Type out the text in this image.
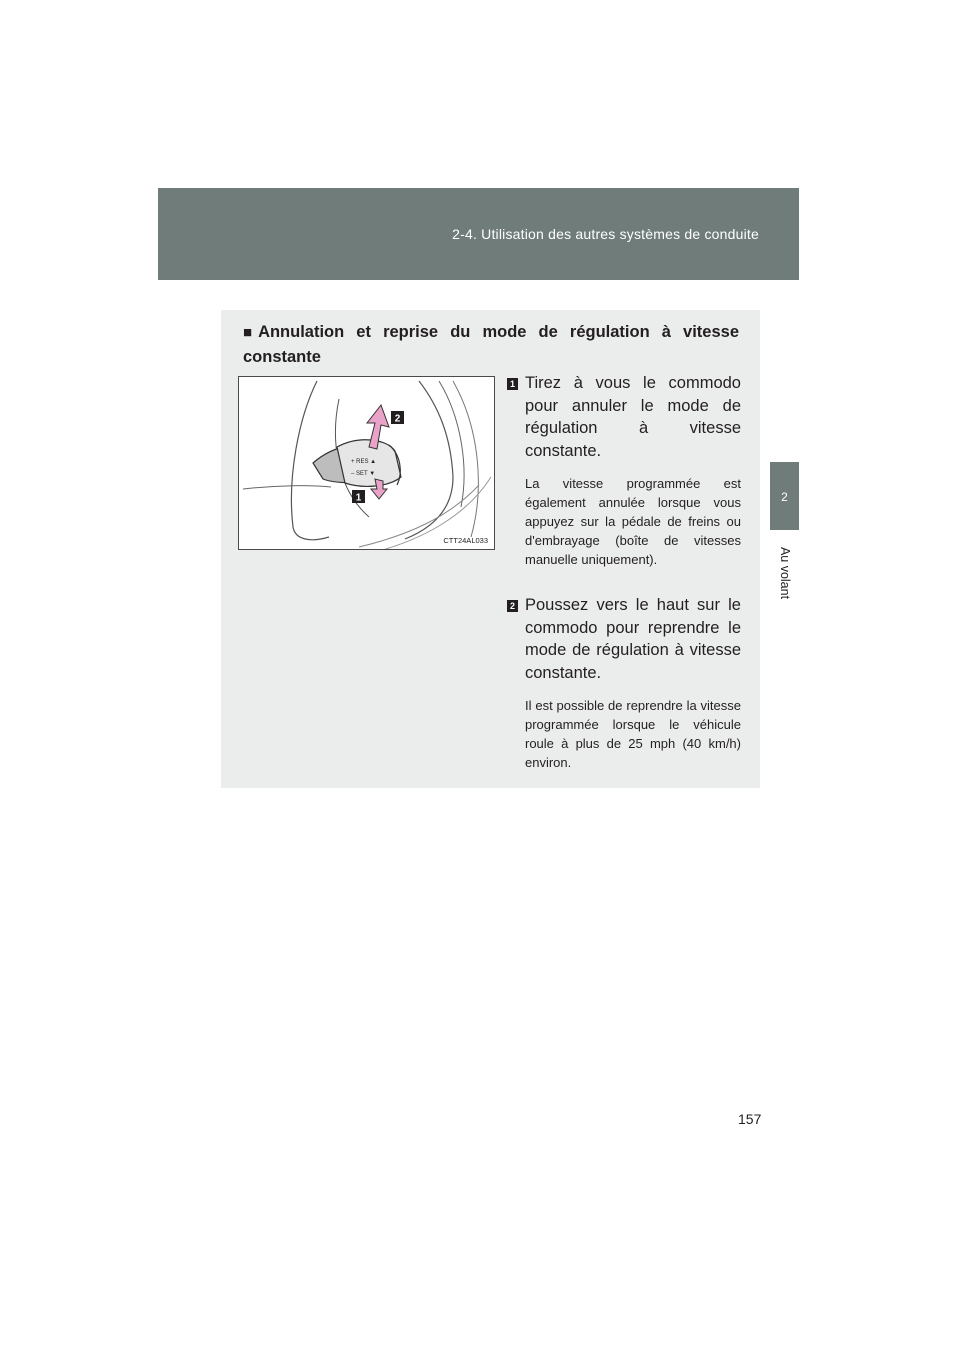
2-4. Utilisation des autres systèmes de conduite
2
Au volant
■ Annulation et reprise du mode de régulation à vitesse constante
+ RES ▲
– SET ▼
2
1
CTT24AL033
1 Tirez à vous le commodo pour annuler le mode de régulation à vitesse constante.
La vitesse programmée est également annulée lorsque vous appuyez sur la pédale de freins ou d'embrayage (boîte de vitesses manuelle uniquement).
2 Poussez vers le haut sur le commodo pour reprendre le mode de régulation à vitesse constante.
Il est possible de reprendre la vitesse programmée lorsque le véhicule roule à plus de 25 mph (40 km/h) environ.
157
